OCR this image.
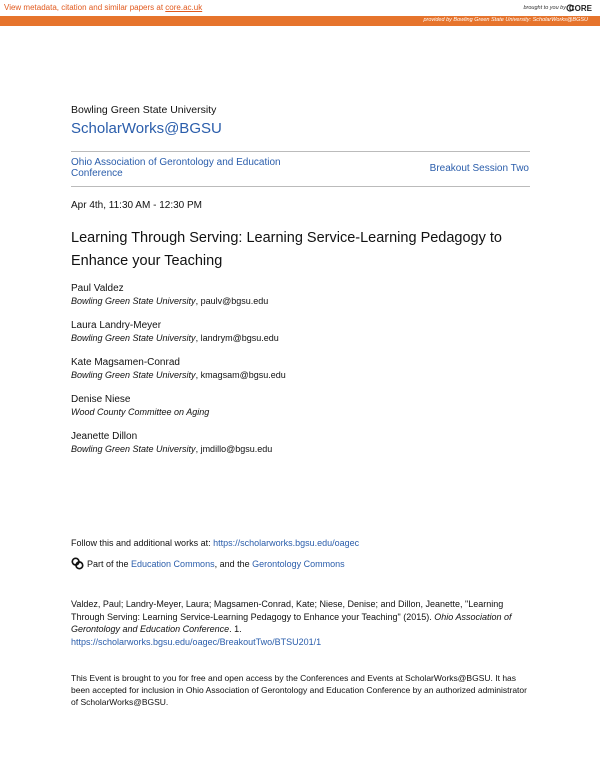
View metadata, citation and similar papers at core.ac.uk	brought to you by CORE
provided by Bowling Green State University: ScholarWorks@BGSU
Bowling Green State University
ScholarWorks@BGSU
Ohio Association of Gerontology and Education Conference	Breakout Session Two
Apr 4th, 11:30 AM - 12:30 PM
Learning Through Serving: Learning Service-Learning Pedagogy to Enhance your Teaching
Paul Valdez
Bowling Green State University, paulv@bgsu.edu
Laura Landry-Meyer
Bowling Green State University, landrym@bgsu.edu
Kate Magsamen-Conrad
Bowling Green State University, kmagsam@bgsu.edu
Denise Niese
Wood County Committee on Aging
Jeanette Dillon
Bowling Green State University, jmdillo@bgsu.edu
Follow this and additional works at: https://scholarworks.bgsu.edu/oagec
Part of the Education Commons, and the Gerontology Commons
Valdez, Paul; Landry-Meyer, Laura; Magsamen-Conrad, Kate; Niese, Denise; and Dillon, Jeanette, "Learning Through Serving: Learning Service-Learning Pedagogy to Enhance your Teaching" (2015). Ohio Association of Gerontology and Education Conference. 1.
https://scholarworks.bgsu.edu/oagec/BreakoutTwo/BTSU201/1
This Event is brought to you for free and open access by the Conferences and Events at ScholarWorks@BGSU. It has been accepted for inclusion in Ohio Association of Gerontology and Education Conference by an authorized administrator of ScholarWorks@BGSU.
